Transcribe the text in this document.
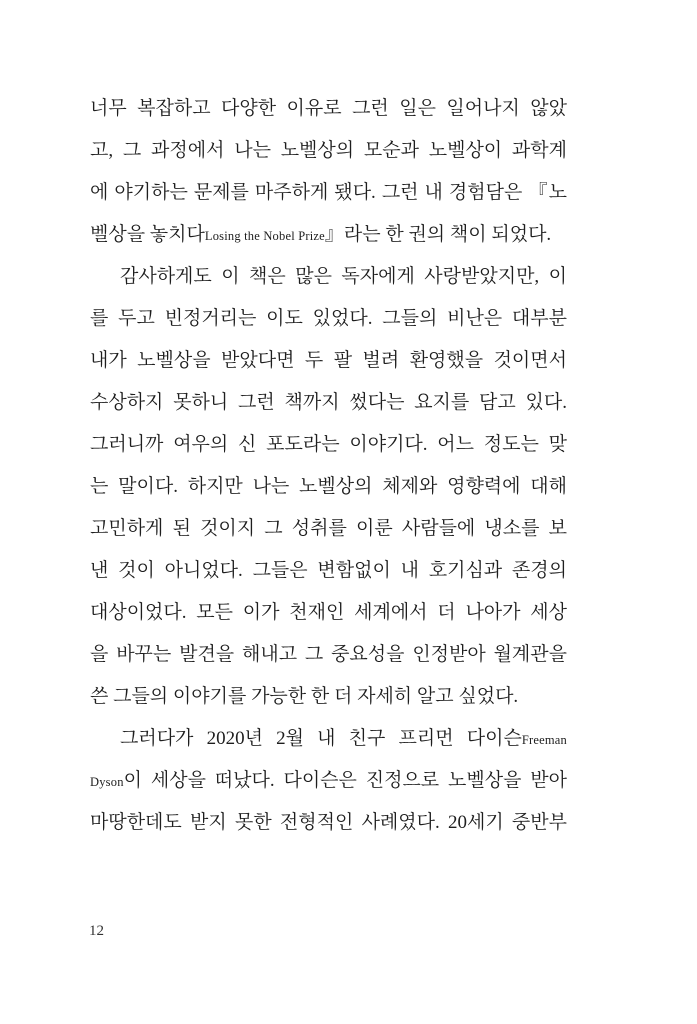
너무 복잡하고 다양한 이유로 그런 일은 일어나지 않았
고, 그 과정에서 나는 노벨상의 모순과 노벨상이 과학계
에 야기하는 문제를 마주하게 됐다. 그런 내 경험담은 『노
벨상을 놓치다Losing the Nobel Prize』라는 한 권의 책이 되었다.
감사하게도 이 책은 많은 독자에게 사랑받았지만, 이
를 두고 빈정거리는 이도 있었다. 그들의 비난은 대부분
내가 노벨상을 받았다면 두 팔 벌려 환영했을 것이면서
수상하지 못하니 그런 책까지 썼다는 요지를 담고 있다.
그러니까 여우의 신 포도라는 이야기다. 어느 정도는 맞
는 말이다. 하지만 나는 노벨상의 체제와 영향력에 대해
고민하게 된 것이지 그 성취를 이룬 사람들에 냉소를 보
낸 것이 아니었다. 그들은 변함없이 내 호기심과 존경의
대상이었다. 모든 이가 천재인 세계에서 더 나아가 세상
을 바꾸는 발견을 해내고 그 중요성을 인정받아 월계관을
쓴 그들의 이야기를 가능한 한 더 자세히 알고 싶었다.
그러다가 2020년 2월 내 친구 프리먼 다이슨Freeman
Dyson이 세상을 떠났다. 다이슨은 진정으로 노벨상을 받아
마땅한데도 받지 못한 전형적인 사례였다. 20세기 중반부
12
